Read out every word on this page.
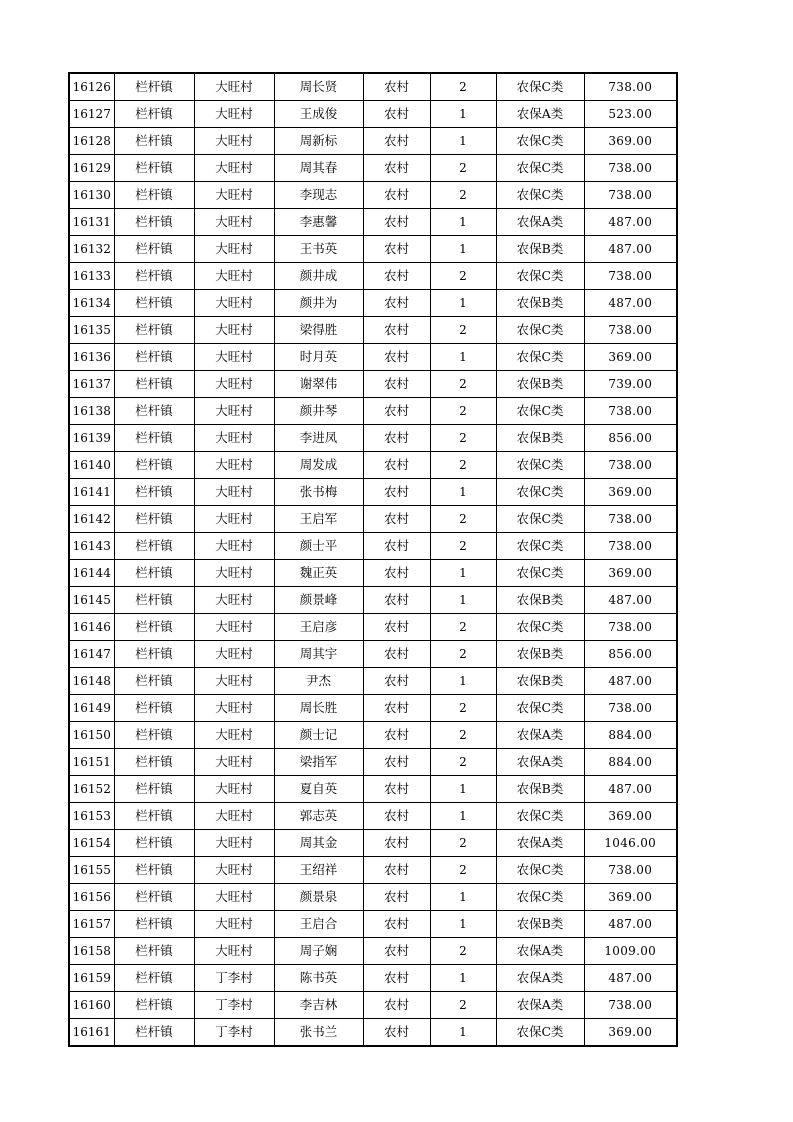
16126	栏杆镇	大旺村	周长贤	农村	2	农保C类	738.00
16127	栏杆镇	大旺村	王成俊	农村	1	农保A类	523.00
16128	栏杆镇	大旺村	周新标	农村	1	农保C类	369.00
16129	栏杆镇	大旺村	周其春	农村	2	农保C类	738.00
16130	栏杆镇	大旺村	李现志	农村	2	农保C类	738.00
16131	栏杆镇	大旺村	李惠馨	农村	1	农保A类	487.00
16132	栏杆镇	大旺村	王书英	农村	1	农保B类	487.00
16133	栏杆镇	大旺村	颜井成	农村	2	农保C类	738.00
16134	栏杆镇	大旺村	颜井为	农村	1	农保B类	487.00
16135	栏杆镇	大旺村	梁得胜	农村	2	农保C类	738.00
16136	栏杆镇	大旺村	时月英	农村	1	农保C类	369.00
16137	栏杆镇	大旺村	谢翠伟	农村	2	农保B类	739.00
16138	栏杆镇	大旺村	颜井琴	农村	2	农保C类	738.00
16139	栏杆镇	大旺村	李进凤	农村	2	农保B类	856.00
16140	栏杆镇	大旺村	周发成	农村	2	农保C类	738.00
16141	栏杆镇	大旺村	张书梅	农村	1	农保C类	369.00
16142	栏杆镇	大旺村	王启军	农村	2	农保C类	738.00
16143	栏杆镇	大旺村	颜士平	农村	2	农保C类	738.00
16144	栏杆镇	大旺村	魏正英	农村	1	农保C类	369.00
16145	栏杆镇	大旺村	颜景峰	农村	1	农保B类	487.00
16146	栏杆镇	大旺村	王启彦	农村	2	农保C类	738.00
16147	栏杆镇	大旺村	周其宇	农村	2	农保B类	856.00
16148	栏杆镇	大旺村	尹杰	农村	1	农保B类	487.00
16149	栏杆镇	大旺村	周长胜	农村	2	农保C类	738.00
16150	栏杆镇	大旺村	颜士记	农村	2	农保A类	884.00
16151	栏杆镇	大旺村	梁指军	农村	2	农保A类	884.00
16152	栏杆镇	大旺村	夏自英	农村	1	农保B类	487.00
16153	栏杆镇	大旺村	郭志英	农村	1	农保C类	369.00
16154	栏杆镇	大旺村	周其金	农村	2	农保A类	1046.00
16155	栏杆镇	大旺村	王绍祥	农村	2	农保C类	738.00
16156	栏杆镇	大旺村	颜景泉	农村	1	农保C类	369.00
16157	栏杆镇	大旺村	王启合	农村	1	农保B类	487.00
16158	栏杆镇	大旺村	周子娴	农村	2	农保A类	1009.00
16159	栏杆镇	丁李村	陈书英	农村	1	农保A类	487.00
16160	栏杆镇	丁李村	李吉林	农村	2	农保A类	738.00
16161	栏杆镇	丁李村	张书兰	农村	1	农保C类	369.00
